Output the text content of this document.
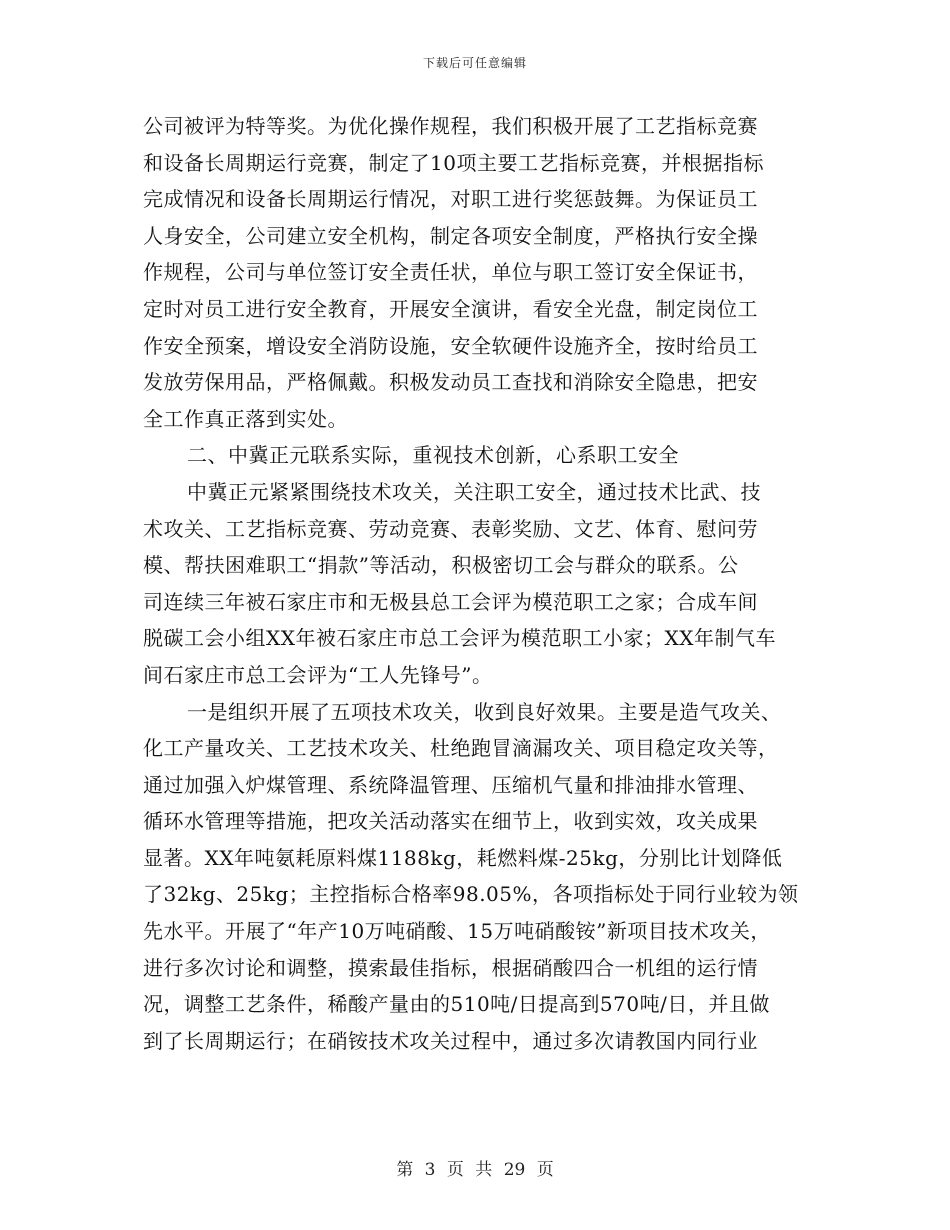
下载后可任意编辑
公司被评为特等奖。为优化操作规程，我们积极开展了工艺指标竞赛
和设备长周期运行竞赛，制定了10项主要工艺指标竞赛，并根据指标
完成情况和设备长周期运行情况，对职工进行奖惩鼓舞。为保证员工
人身安全，公司建立安全机构，制定各项安全制度，严格执行安全操
作规程，公司与单位签订安全责任状，单位与职工签订安全保证书，
定时对员工进行安全教育，开展安全演讲，看安全光盘，制定岗位工
作安全预案，增设安全消防设施，安全软硬件设施齐全，按时给员工
发放劳保用品，严格佩戴。积极发动员工查找和消除安全隐患，把安
全工作真正落到实处。
二、中冀正元联系实际，重视技术创新，心系职工安全
中冀正元紧紧围绕技术攻关，关注职工安全，通过技术比武、技
术攻关、工艺指标竞赛、劳动竞赛、表彰奖励、文艺、体育、慰问劳
模、帮扶困难职工“捐款”等活动，积极密切工会与群众的联系。公
司连续三年被石家庄市和无极县总工会评为模范职工之家；合成车间
脱碳工会小组XX年被石家庄市总工会评为模范职工小家；XX年制气车
间石家庄市总工会评为“工人先锋号”。
一是组织开展了五项技术攻关，收到良好效果。主要是造气攻关、
化工产量攻关、工艺技术攻关、杜绝跑冒滴漏攻关、项目稳定攻关等，
通过加强入炉煤管理、系统降温管理、压缩机气量和排油排水管理、
循环水管理等措施，把攻关活动落实在细节上，收到实效，攻关成果
显著。XX年吨氨耗原料煤1188kg，耗燃料煤-25kg，分别比计划降低
了32kg、25kg；主控指标合格率98.05%，各项指标处于同行业较为领
先水平。开展了“年产10万吨硝酸、15万吨硝酸铵”新项目技术攻关，
进行多次讨论和调整，摸索最佳指标，根据硝酸四合一机组的运行情
况，调整工艺条件，稀酸产量由的510吨/日提高到570吨/日，并且做
到了长周期运行；在硝铵技术攻关过程中，通过多次请教国内同行业
第 3 页 共 29 页
